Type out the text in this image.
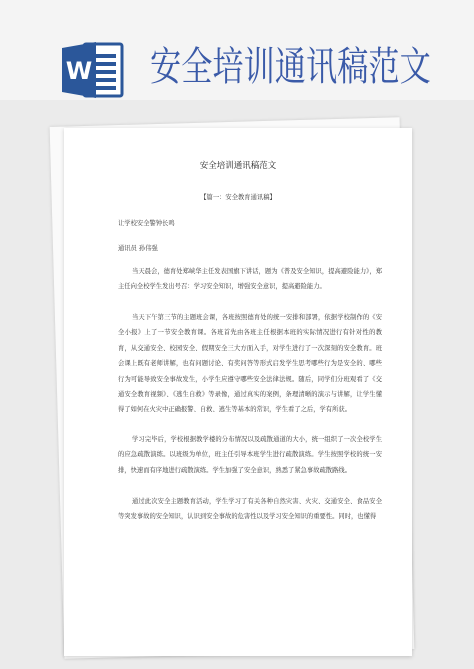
W 安全培训通讯稿范文
安全培训通讯稿范文
【篇一：安全教育通讯稿】
让学校安全警钟长鸣
通讯员 孙伟强
当天晨会，德育处郑峡华主任发表国旗下讲话，题为《普及安全知识，提高避险能力》，郑主任向全校学生发出号召：学习安全知识，增强安全意识，提高避险能力。
当天下午第三节的主题班会课，各班按照德育处的统一安排和部署，依据学校制作的《安全小报》上了一节安全教育课。各班首先由各班主任根据本班的实际情况进行有针对性的教育，从交通安全、校园安全、假期安全三大方面入手，对学生进行了一次深刻的安全教育。班会课上既有老师讲解，也有问题讨论、有奖问答等形式启发学生思考哪些行为是安全的、哪些行为可能导致安全事故发生，小学生应遵守哪些安全法律法规。随后，同学们分班观看了《交通安全教育视频》、《逃生自救》等录像，通过真实的案例，条理清晰的演示与讲解，让学生懂得了如何在火灾中正确报警、自救、逃生等基本的常识，学生看了之后，学有所获。
学习完毕后，学校根据教学楼的分布情况以及疏散通道的大小，统一组织了一次全校学生的应急疏散演练。以班级为单位，班主任引导本班学生进行疏散演练。学生按照学校的统一安排，快速而有序地进行疏散演练。学生加强了安全意识，熟悉了紧急事故疏散路线。
通过此次安全主题教育活动，学生学习了有关各种自然灾害、火灾、交通安全、食品安全等突发事故的安全知识，认识到安全事故的危害性以及学习安全知识的重要性。同时，也懂得
